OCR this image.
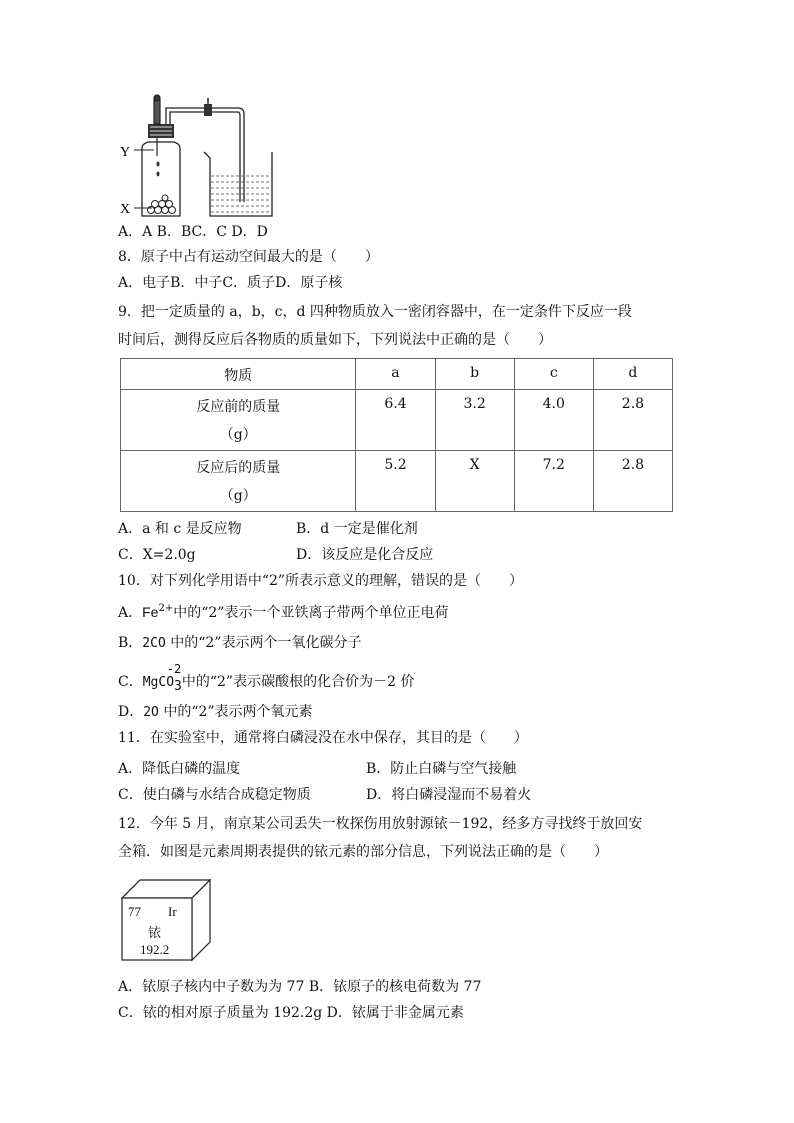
Y
X
A．A B．BC．C D．D
8．原子中占有运动空间最大的是（　　）
A．电子B．中子C．质子D．原子核
9．把一定质量的 a，b，c，d 四种物质放入一密闭容器中，在一定条件下反应一段
时间后，测得反应后各物质的质量如下，下列说法中正确的是（　　）
物质	a	b	c	d

反应前的质量
（g）	6.4	3.2	4.0	2.8

反应后的质量
（g）	5.2	X	7.2	2.8
A．a 和 c 是反应物	B．d 一定是催化剂
C．X=2.0g	D．该反应是化合反应
10．对下列化学用语中“2”所表示意义的理解，错误的是（　　）
A．$Fe^{2+}$中的“2”表示一个亚铁离子带两个单位正电荷
B．2CO 中的“2”表示两个一氧化碳分子
C．
-2
MgCO3中的“2”表示碳酸根的化合价为－2 价
D．2O 中的“2”表示两个氧元素
11．在实验室中，通常将白磷浸没在水中保存，其目的是（　　）
A．降低白磷的温度	B．防止白磷与空气接触
C．使白磷与水结合成稳定物质	D．将白磷浸湿而不易着火
12．今年 5 月，南京某公司丢失一枚探伤用放射源铱－192，经多方寻找终于放回安
全箱．如图是元素周期表提供的铱元素的部分信息，下列说法正确的是（　　）
77 Ir
铱
192.2
A．铱原子核内中子数为为 77 B．铱原子的核电荷数为 77
C．铱的相对原子质量为 192.2g D．铱属于非金属元素
